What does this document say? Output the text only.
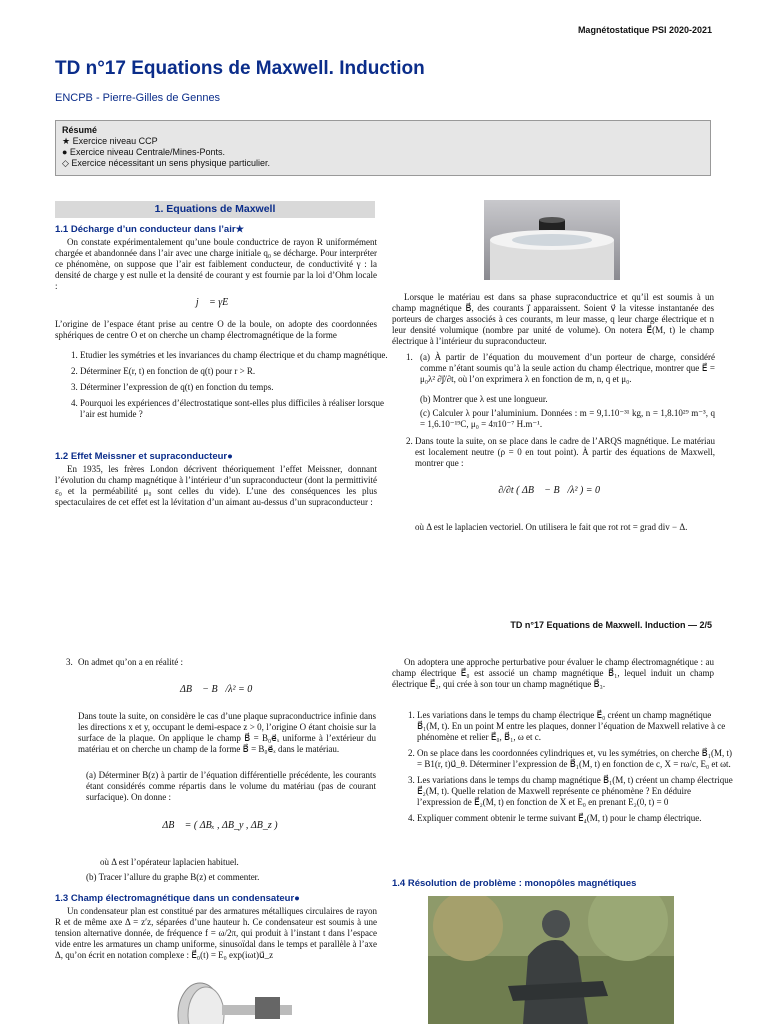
Magnétostatique PSI 2020-2021
TD n°17 Equations de Maxwell. Induction
ENCPB - Pierre-Gilles de Gennes
Résumé
★ Exercice niveau CCP
● Exercice niveau Centrale/Mines-Ponts.
◇ Exercice nécessitant un sens physique particulier.
1. Equations de Maxwell
1.1 Décharge d’un conducteur dans l’air★
On constate expérimentalement qu’une boule conductrice de rayon R uniformément chargée et abandonnée dans l’air avec une charge initiale q₀ se décharge. Pour interpréter ce phénomène, on suppose que l’air est faiblement conducteur, de conductivité γ : la densité de charge y est nulle et la densité de courant y est fournie par la loi d’Ohm locale :
j⃗ = γE⃗
L’origine de l’espace étant prise au centre O de la boule, on adopte des coordonnées sphériques de centre O et on cherche un champ électromagnétique de la forme
1. Etudier les symétries et les invariances du champ électrique et du champ magnétique.
2. Déterminer E(r, t) en fonction de q(t) pour r > R.
3. Déterminer l’expression de q(t) en fonction du temps.
4. Pourquoi les expériences d’électrostatique sont-elles plus difficiles à réaliser lorsque l’air est humide ?
1.2 Effet Meissner et supraconducteur●
En 1935, les frères London décrivent théoriquement l’effet Meissner, donnant l’évolution du champ magnétique à l’intérieur d’un supraconducteur (dont la permittivité ε₀ et la perméabilité μ₀ sont celles du vide). L’une des conséquences les plus spectaculaires de cet effet est la lévitation d’un aimant au-dessus d’un supraconducteur :
Lorsque le matériau est dans sa phase supraconductrice et qu’il est soumis à un champ magnétique B⃗, des courants j⃗ apparaissent. Soient v⃗ la vitesse instantanée des porteurs de charges associés à ces courants, m leur masse, q leur charge électrique et n leur densité volumique (nombre par unité de volume). On notera E⃗(M, t) le champ électrique à l’intérieur du supraconducteur.
1. (a) À partir de l’équation du mouvement d’un porteur de charge, considéré comme n’étant soumis qu’à la seule action du champ électrique, montrer que E⃗ = μ₀λ² ∂j⃗/∂t, où l’on exprimera λ en fonction de m, n, q et μ₀.
(b) Montrer que λ est une longueur.
(c) Calculer λ pour l’aluminium. Données : m = 9,1.10⁻³¹ kg, n = 1,8.10²⁹ m⁻³, q = 1,6.10⁻¹⁹C, μ₀ = 4π10⁻⁷ H.m⁻¹.
2. Dans toute la suite, on se place dans le cadre de l’ARQS magnétique. Le matériau est localement neutre (ρ = 0 en tout point). À partir des équations de Maxwell, montrer que :
∂/∂t ( ΔB⃗ − B⃗/λ² ) = 0⃗
où Δ est le laplacien vectoriel. On utilisera le fait que rot rot = grad div − Δ.
TD n°17 Equations de Maxwell. Induction — 2/5
3. On admet qu’on a en réalité :
ΔB⃗ − B⃗/λ² = 0⃗
Dans toute la suite, on considère le cas d’une plaque supraconductrice infinie dans les directions x et y, occupant le demi-espace z > 0, l’origine O étant choisie sur la surface de la plaque. On applique le champ B⃗ = B₀e⃗ₓ uniforme à l’extérieur du matériau et on cherche un champ de la forme B⃗ = B₀e⃗ₓ dans le matériau.
(a) Déterminer B(z) à partir de l’équation différentielle précédente, les courants étant considérés comme répartis dans le volume du matériau (pas de courant surfacique). On donne :
ΔB⃗ = ( ΔBₓ , ΔB_y , ΔB_z )
où Δ est l’opérateur laplacien habituel.
(b) Tracer l’allure du graphe B(z) et commenter.
1.3 Champ électromagnétique dans un condensateur●
Un condensateur plan est constitué par des armatures métalliques circulaires de rayon R et de même axe Δ = z′z, séparées d’une hauteur h. Ce condensateur est soumis à une tension alternative donnée, de fréquence f = ω/2π, qui produit à l’instant t dans l’espace vide entre les armatures un champ uniforme, sinusoïdal dans le temps et parallèle à l’axe Δ, qu’on écrit en notation complexe : E⃗₀(t) = E₀ exp(iωt)u⃗_z
On adoptera une approche perturbative pour évaluer le champ électromagnétique : au champ électrique E⃗₀ est associé un champ magnétique B⃗₁, lequel induit un champ électrique E⃗₂, qui crée à son tour un champ magnétique B⃗₃.
1. Les variations dans le temps du champ électrique E⃗₀ créent un champ magnétique B⃗₁(M, t). En un point M entre les plaques, donner l’équation de Maxwell relative à ce phénomène et relier E⃗₀, B⃗₁, ω et c.
2. On se place dans les coordonnées cylindriques et, vu les symétries, on cherche B⃗₁(M, t) = B1(r, t)u⃗_θ. Déterminer l’expression de B⃗₁(M, t) en fonction de c, X = rω/c, E₀ et ωt.
3. Les variations dans le temps du champ magnétique B⃗₁(M, t) créent un champ électrique E⃗₂(M, t). Quelle relation de Maxwell représente ce phénomène ? En déduire l’expression de E⃗₂(M, t) en fonction de X et E₀ en prenant E₂(0, t) = 0
4. Expliquer comment obtenir le terme suivant E⃗₄(M, t) pour le champ électrique.
1.4 Résolution de problème : monopôles magnétiques
